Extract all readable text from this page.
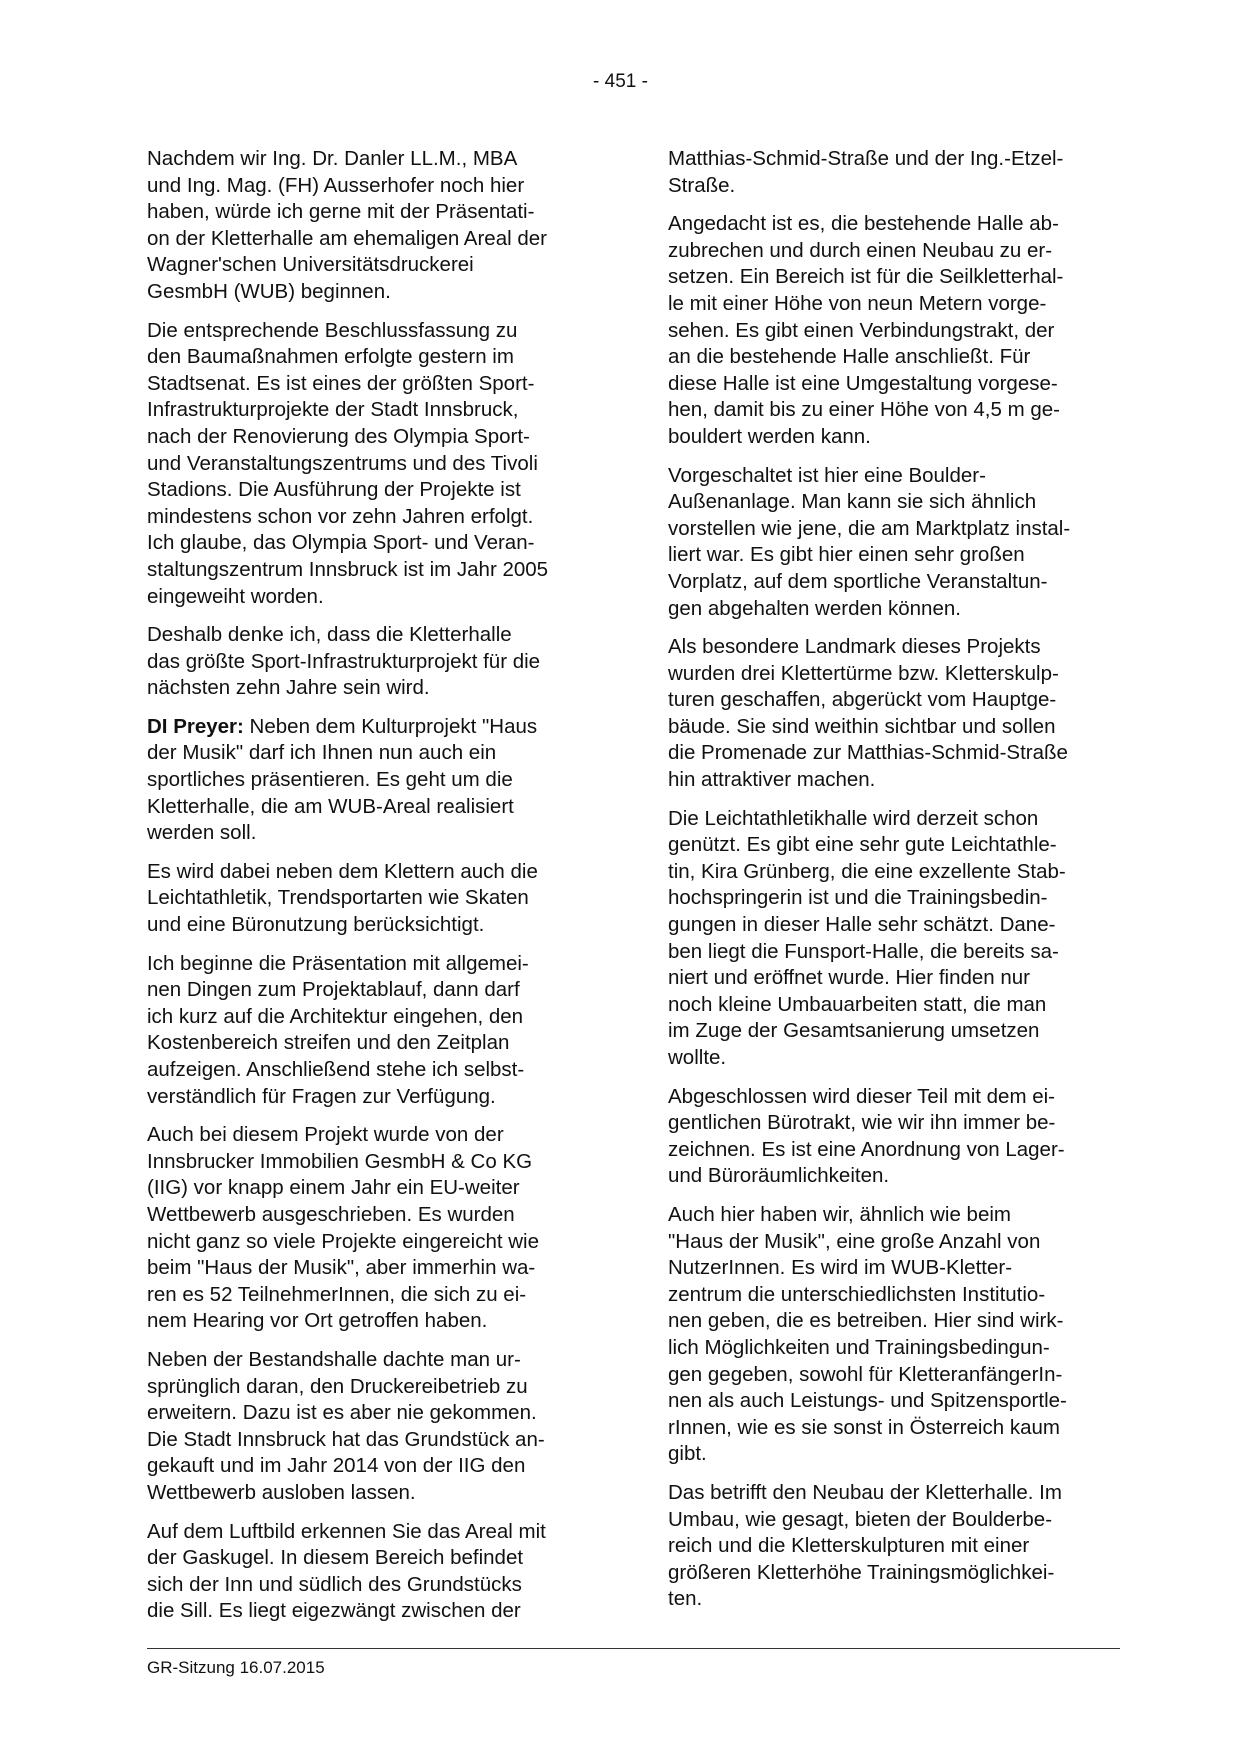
- 451 -

Nachdem wir Ing. Dr. Danler LL.M., MBA
und Ing. Mag. (FH) Ausserhofer noch hier
haben, würde ich gerne mit der Präsentati-
on der Kletterhalle am ehemaligen Areal der
Wagner'schen Universitätsdruckerei
GesmbH (WUB) beginnen.

Die entsprechende Beschlussfassung zu
den Baumaßnahmen erfolgte gestern im
Stadtsenat. Es ist eines der größten Sport-
Infrastrukturprojekte der Stadt Innsbruck,
nach der Renovierung des Olympia Sport-
und Veranstaltungszentrums und des Tivoli
Stadions. Die Ausführung der Projekte ist
mindestens schon vor zehn Jahren erfolgt.
Ich glaube, das Olympia Sport- und Veran-
staltungszentrum Innsbruck ist im Jahr 2005
eingeweiht worden.

Deshalb denke ich, dass die Kletterhalle
das größte Sport-Infrastrukturprojekt für die
nächsten zehn Jahre sein wird.

DI Preyer: Neben dem Kulturprojekt "Haus
der Musik" darf ich Ihnen nun auch ein
sportliches präsentieren. Es geht um die
Kletterhalle, die am WUB-Areal realisiert
werden soll.

Es wird dabei neben dem Klettern auch die
Leichtathletik, Trendsportarten wie Skaten
und eine Büronutzung berücksichtigt.

Ich beginne die Präsentation mit allgemei-
nen Dingen zum Projektablauf, dann darf
ich kurz auf die Architektur eingehen, den
Kostenbereich streifen und den Zeitplan
aufzeigen. Anschließend stehe ich selbst-
verständlich für Fragen zur Verfügung.

Auch bei diesem Projekt wurde von der
Innsbrucker Immobilien GesmbH & Co KG
(IIG) vor knapp einem Jahr ein EU-weiter
Wettbewerb ausgeschrieben. Es wurden
nicht ganz so viele Projekte eingereicht wie
beim "Haus der Musik", aber immerhin wa-
ren es 52 TeilnehmerInnen, die sich zu ei-
nem Hearing vor Ort getroffen haben.

Neben der Bestandshalle dachte man ur-
sprünglich daran, den Druckereibetrieb zu
erweitern. Dazu ist es aber nie gekommen.
Die Stadt Innsbruck hat das Grundstück an-
gekauft und im Jahr 2014 von der IIG den
Wettbewerb ausloben lassen.

Auf dem Luftbild erkennen Sie das Areal mit
der Gaskugel. In diesem Bereich befindet
sich der Inn und südlich des Grundstücks
die Sill. Es liegt eigezwängt zwischen der

Matthias-Schmid-Straße und der Ing.-Etzel-
Straße.

Angedacht ist es, die bestehende Halle ab-
zubrechen und durch einen Neubau zu er-
setzen. Ein Bereich ist für die Seilkletterhal-
le mit einer Höhe von neun Metern vorge-
sehen. Es gibt einen Verbindungstrakt, der
an die bestehende Halle anschließt. Für
diese Halle ist eine Umgestaltung vorgese-
hen, damit bis zu einer Höhe von 4,5 m ge-
bouldert werden kann.

Vorgeschaltet ist hier eine Boulder-
Außenanlage. Man kann sie sich ähnlich
vorstellen wie jene, die am Marktplatz instal-
liert war. Es gibt hier einen sehr großen
Vorplatz, auf dem sportliche Veranstaltun-
gen abgehalten werden können.

Als besondere Landmark dieses Projekts
wurden drei Klettertürme bzw. Kletterskulp-
turen geschaffen, abgerückt vom Hauptge-
bäude. Sie sind weithin sichtbar und sollen
die Promenade zur Matthias-Schmid-Straße
hin attraktiver machen.

Die Leichtathletikhalle wird derzeit schon
genützt. Es gibt eine sehr gute Leichtathle-
tin, Kira Grünberg, die eine exzellente Stab-
hochspringerin ist und die Trainingsbedin-
gungen in dieser Halle sehr schätzt. Dane-
ben liegt die Funsport-Halle, die bereits sa-
niert und eröffnet wurde. Hier finden nur
noch kleine Umbauarbeiten statt, die man
im Zuge der Gesamtsanierung umsetzen
wollte.

Abgeschlossen wird dieser Teil mit dem ei-
gentlichen Bürotrakt, wie wir ihn immer be-
zeichnen. Es ist eine Anordnung von Lager-
und Büroräumlichkeiten.

Auch hier haben wir, ähnlich wie beim
"Haus der Musik", eine große Anzahl von
NutzerInnen. Es wird im WUB-Kletter-
zentrum die unterschiedlichsten Institutio-
nen geben, die es betreiben. Hier sind wirk-
lich Möglichkeiten und Trainingsbedingun-
gen gegeben, sowohl für KletteranfängerIn-
nen als auch Leistungs- und Spitzensportle-
rInnen, wie es sie sonst in Österreich kaum
gibt.

Das betrifft den Neubau der Kletterhalle. Im
Umbau, wie gesagt, bieten der Boulderbe-
reich und die Kletterskulpturen mit einer
größeren Kletterhöhe Trainingsmöglichkei-
ten.

GR-Sitzung 16.07.2015
